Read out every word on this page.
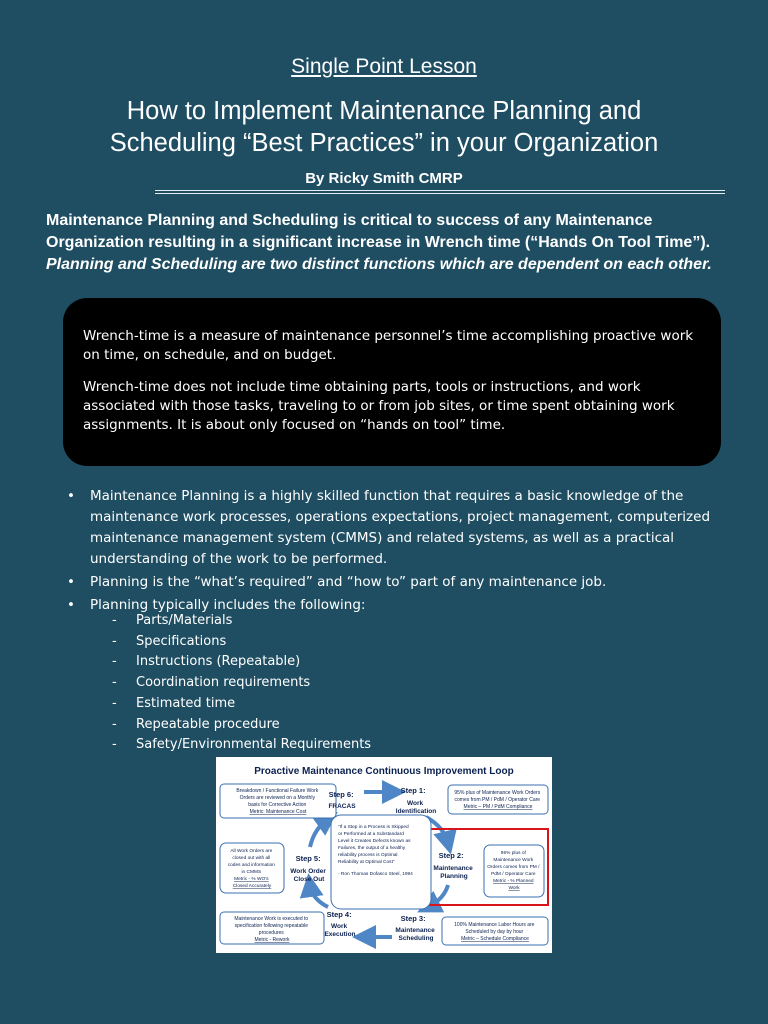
Single Point Lesson
How to Implement Maintenance Planning and
Scheduling “Best Practices” in your Organization
By Ricky Smith CMRP
Maintenance Planning and Scheduling is critical to success of any Maintenance Organization resulting in a significant increase in Wrench time (“Hands On Tool Time”). Planning and Scheduling are two distinct functions which are dependent on each other.

Wrench-time is a measure of maintenance personnel’s time accomplishing proactive work on time, on schedule, and on budget.

Wrench-time does not include time obtaining parts, tools or instructions, and work associated with those tasks, traveling to or from job sites, or time spent obtaining work assignments. It is about only focused on “hands on tool” time.

• Maintenance Planning is a highly skilled function that requires a basic knowledge of the maintenance work processes, operations expectations, project management, computerized maintenance management system (CMMS) and related systems, as well as a practical understanding of the work to be performed.
• Planning is the “what’s required” and “how to” part of any maintenance job.
• Planning typically includes the following:
- Parts/Materials
- Specifications
- Instructions (Repeatable)
- Coordination requirements
- Estimated time
- Repeatable procedure
- Safety/Environmental Requirements
Proactive Maintenance Continuous Improvement Loop
Breakdown / Functional Failure Work Orders are reviewed on a Monthly basis for Corrective Action Metric: Maintenance Cost
95% plus of Maintenance Work Orders comes from PM / PdM / Operator Care Metric – PM / PdM Compliance
95% plus of Maintenance Work Orders comes from PM / PdM / Operator Care Metric - % Planned Work
All Work Orders are closed out with all codes and information in CMMS Metric - % WO's Closed Accurately
Maintenance Work is executed to specification following repeatable procedures Metric - Rework
100% Maintenance Labor Hours are Scheduled by day by hour Metric – Schedule Compliance
“If a Step in a Process is Skipped or Performed at a Substandard Level it Creates Defects known as Failures, the output of a healthy reliability process is Optimal Reliability at Optimal Cost” - Ron Thomas Dofasco Steel, 1994
Step 1: Work Identification
Step 2: Maintenance Planning
Step 3: Maintenance Scheduling
Step 4: Work Execution
Step 5: Work Order Close Out
Step 6: FRACAS
